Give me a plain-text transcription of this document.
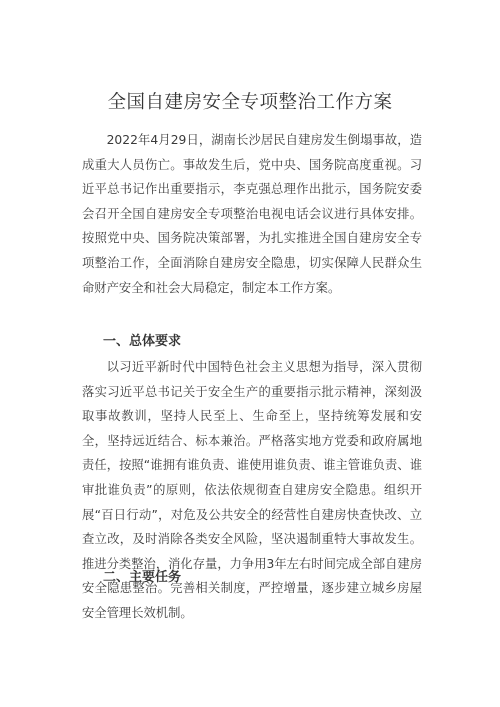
全国自建房安全专项整治工作方案

2022年4月29日，湖南长沙居民自建房发生倒塌事故，造成重大人员伤亡。事故发生后，党中央、国务院高度重视。习近平总书记作出重要指示，李克强总理作出批示，国务院安委会召开全国自建房安全专项整治电视电话会议进行具体安排。按照党中央、国务院决策部署，为扎实推进全国自建房安全专项整治工作，全面消除自建房安全隐患，切实保障人民群众生命财产安全和社会大局稳定，制定本工作方案。

一、总体要求

以习近平新时代中国特色社会主义思想为指导，深入贯彻落实习近平总书记关于安全生产的重要指示批示精神，深刻汲取事故教训，坚持人民至上、生命至上，坚持统筹发展和安全，坚持远近结合、标本兼治。严格落实地方党委和政府属地责任，按照“谁拥有谁负责、谁使用谁负责、谁主管谁负责、谁审批谁负责”的原则，依法依规彻查自建房安全隐患。组织开展“百日行动”，对危及公共安全的经营性自建房快查快改、立查立改，及时消除各类安全风险，坚决遏制重特大事故发生。推进分类整治，消化存量，力争用3年左右时间完成全部自建房安全隐患整治。完善相关制度，严控增量，逐步建立城乡房屋安全管理长效机制。

二、主要任务
